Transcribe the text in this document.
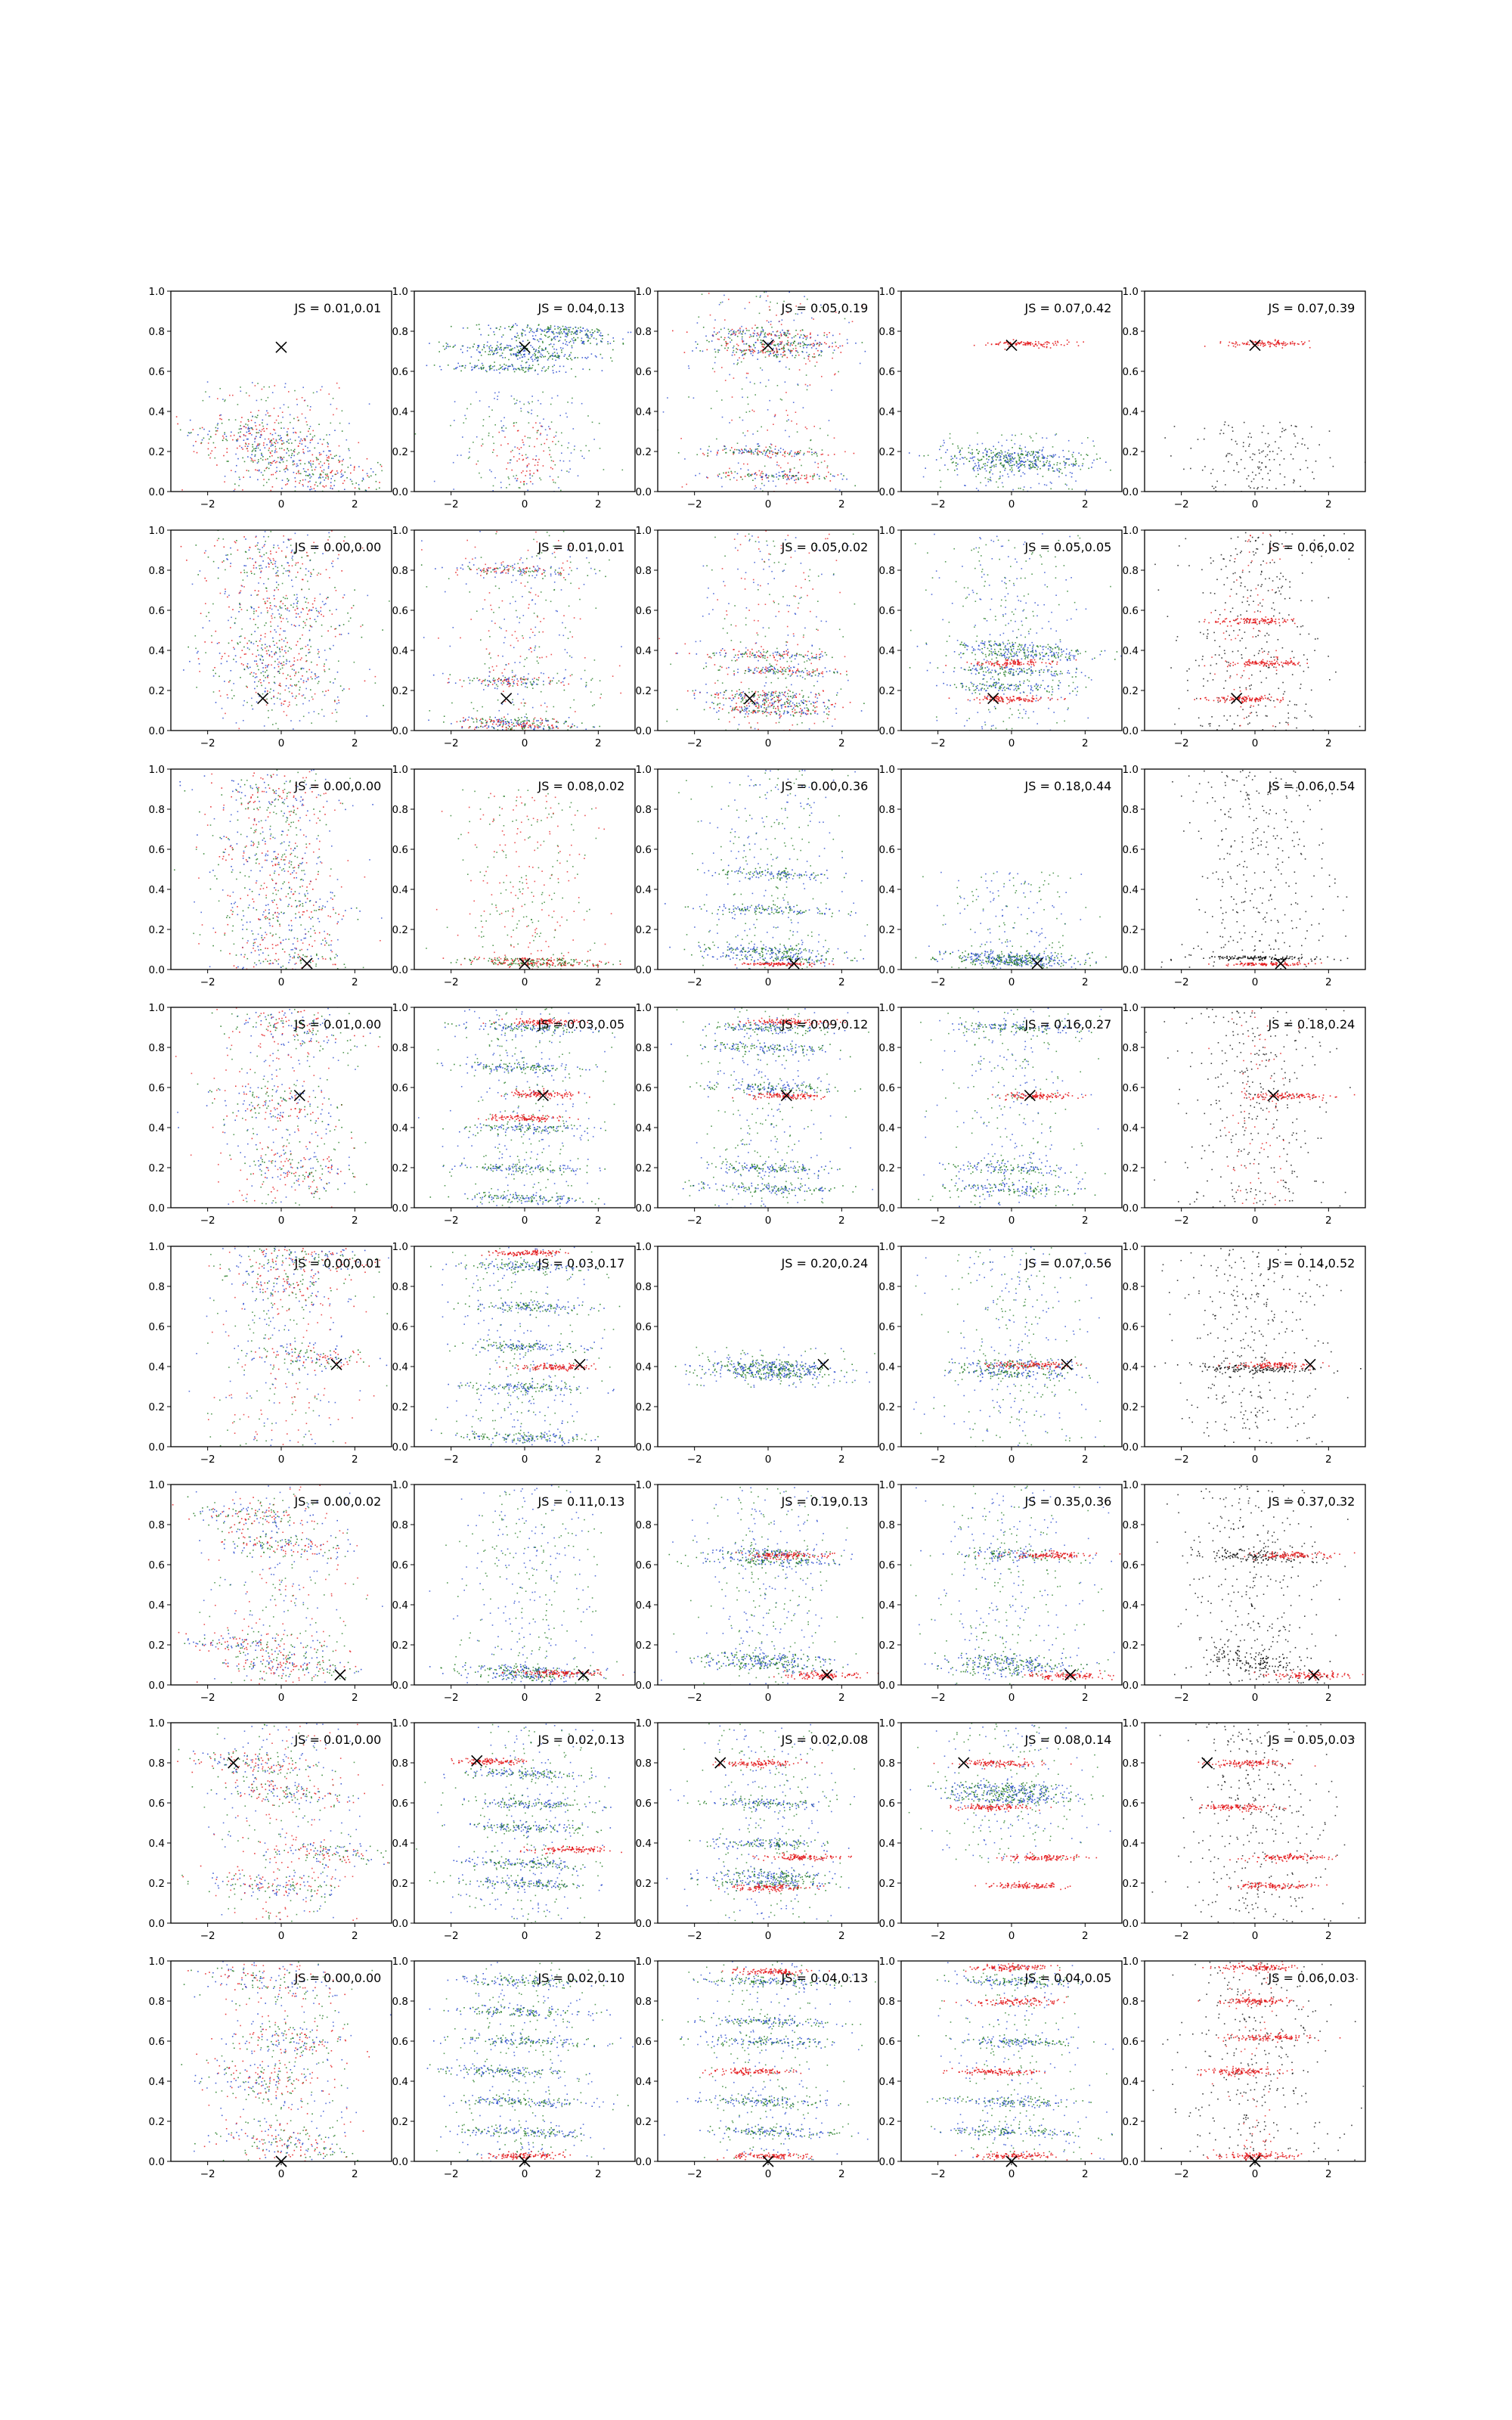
−2	0	2
0.0
0.2
0.4
0.6
0.8
1.0
JS = 0.01,0.01
−2	0	2
0.0
0.2
0.4
0.6
0.8
1.0
JS = 0.04,0.13
−2	0	2
0.0
0.2
0.4
0.6
0.8
1.0
JS = 0.05,0.19
−2	0	2
0.0
0.2
0.4
0.6
0.8
1.0
JS = 0.07,0.42
−2	0	2
0.0
0.2
0.4
0.6
0.8
1.0
JS = 0.07,0.39
−2	0	2
0.0
0.2
0.4
0.6
0.8
1.0
JS = 0.00,0.00
−2	0	2
0.0
0.2
0.4
0.6
0.8
1.0
JS = 0.01,0.01
−2	0	2
0.0
0.2
0.4
0.6
0.8
1.0
JS = 0.05,0.02
−2	0	2
0.0
0.2
0.4
0.6
0.8
1.0
JS = 0.05,0.05
−2	0	2
0.0
0.2
0.4
0.6
0.8
1.0
JS = 0.06,0.02
−2	0	2
0.0
0.2
0.4
0.6
0.8
1.0
JS = 0.00,0.00
−2	0	2
0.0
0.2
0.4
0.6
0.8
1.0
JS = 0.08,0.02
−2	0	2
0.0
0.2
0.4
0.6
0.8
1.0
JS = 0.00,0.36
−2	0	2
0.0
0.2
0.4
0.6
0.8
1.0
JS = 0.18,0.44
−2	0	2
0.0
0.2
0.4
0.6
0.8
1.0
JS = 0.06,0.54
−2	0	2
0.0
0.2
0.4
0.6
0.8
1.0
JS = 0.01,0.00
−2	0	2
0.0
0.2
0.4
0.6
0.8
1.0
JS = 0.03,0.05
−2	0	2
0.0
0.2
0.4
0.6
0.8
1.0
JS = 0.09,0.12
−2	0	2
0.0
0.2
0.4
0.6
0.8
1.0
JS = 0.16,0.27
−2	0	2
0.0
0.2
0.4
0.6
0.8
1.0
JS = 0.18,0.24
−2	0	2
0.0
0.2
0.4
0.6
0.8
1.0
JS = 0.00,0.01
−2	0	2
0.0
0.2
0.4
0.6
0.8
1.0
JS = 0.03,0.17
−2	0	2
0.0
0.2
0.4
0.6
0.8
1.0
JS = 0.20,0.24
−2	0	2
0.0
0.2
0.4
0.6
0.8
1.0
JS = 0.07,0.56
−2	0	2
0.0
0.2
0.4
0.6
0.8
1.0
JS = 0.14,0.52
−2	0	2
0.0
0.2
0.4
0.6
0.8
1.0
JS = 0.00,0.02
−2	0	2
0.0
0.2
0.4
0.6
0.8
1.0
JS = 0.11,0.13
−2	0	2
0.0
0.2
0.4
0.6
0.8
1.0
JS = 0.19,0.13
−2	0	2
0.0
0.2
0.4
0.6
0.8
1.0
JS = 0.35,0.36
−2	0	2
0.0
0.2
0.4
0.6
0.8
1.0
JS = 0.37,0.32
−2	0	2
0.0
0.2
0.4
0.6
0.8
1.0
JS = 0.01,0.00
−2	0	2
0.0
0.2
0.4
0.6
0.8
1.0
JS = 0.02,0.13
−2	0	2
0.0
0.2
0.4
0.6
0.8
1.0
JS = 0.02,0.08
−2	0	2
0.0
0.2
0.4
0.6
0.8
1.0
JS = 0.08,0.14
−2	0	2
0.0
0.2
0.4
0.6
0.8
1.0
JS = 0.05,0.03
−2	0	2
0.0
0.2
0.4
0.6
0.8
1.0
JS = 0.00,0.00
−2	0	2
0.0
0.2
0.4
0.6
0.8
1.0
JS = 0.02,0.10
−2	0	2
0.0
0.2
0.4
0.6
0.8
1.0
JS = 0.04,0.13
−2	0	2
0.0
0.2
0.4
0.6
0.8
1.0
JS = 0.04,0.05
−2	0	2
0.0
0.2
0.4
0.6
0.8
1.0
JS = 0.06,0.03
